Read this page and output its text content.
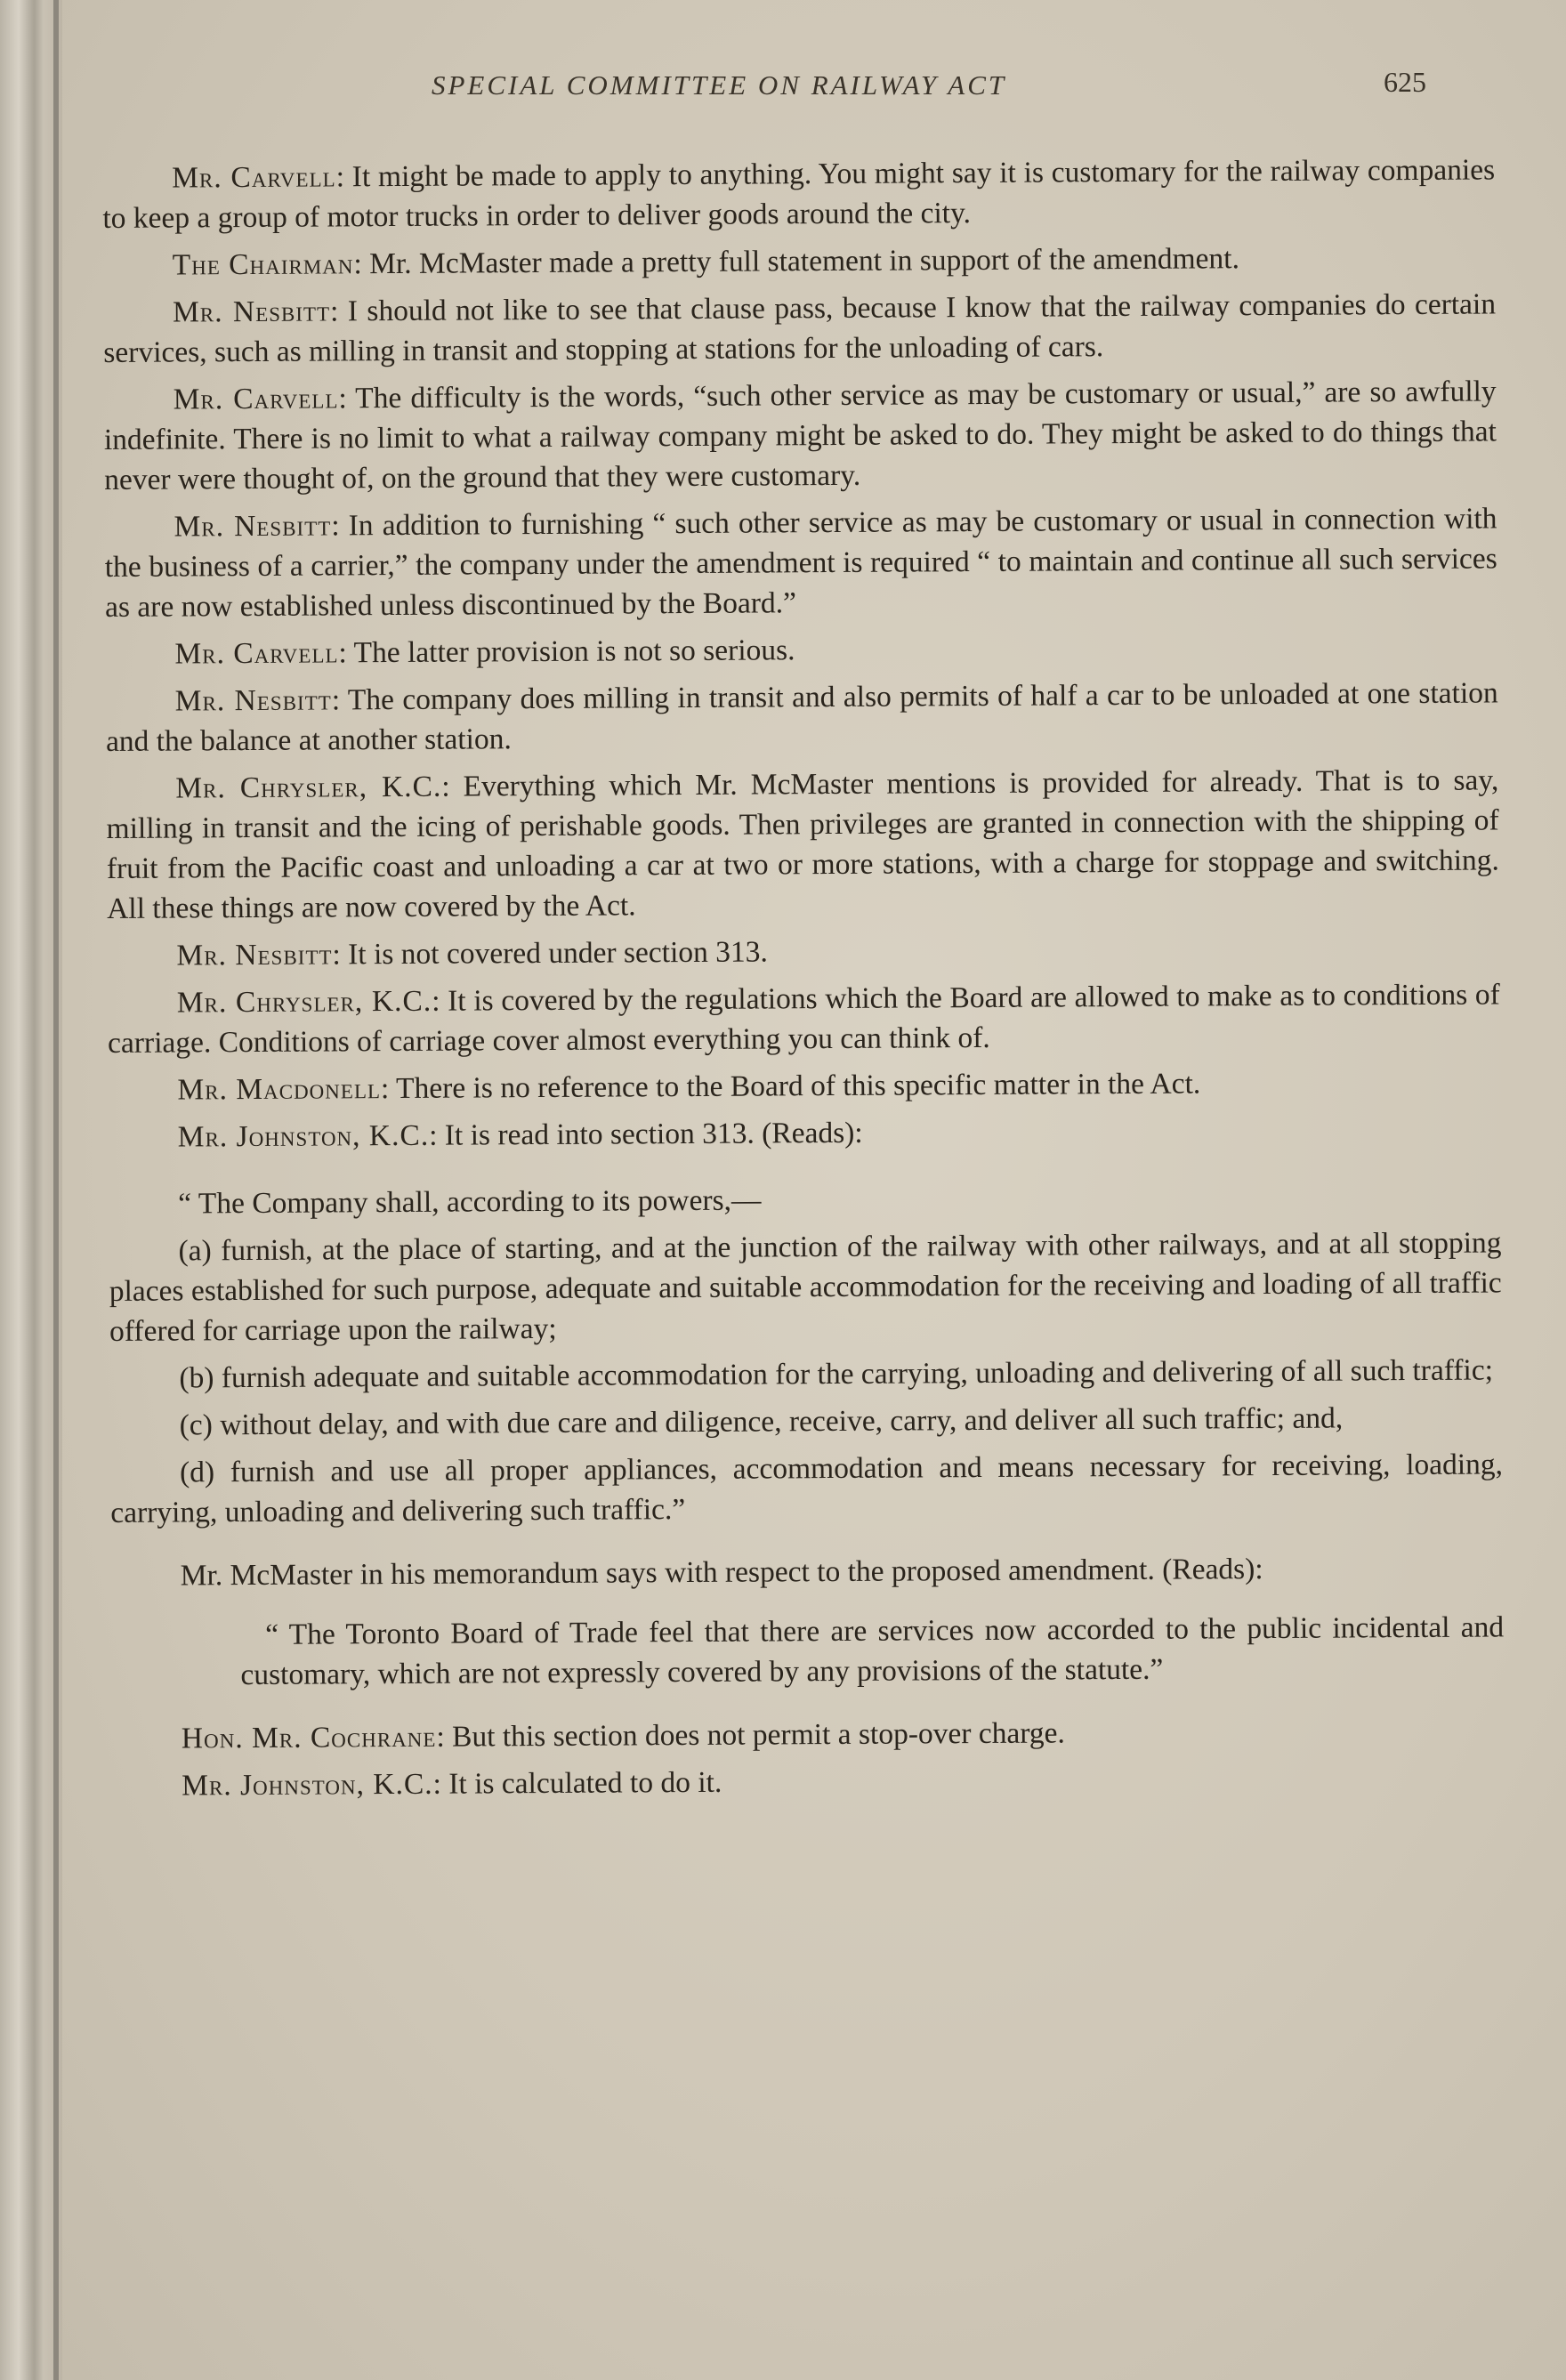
SPECIAL COMMITTEE ON RAILWAY ACT	625

Mr. Carvell: It might be made to apply to anything. You might say it is customary for the railway companies to keep a group of motor trucks in order to deliver goods around the city.

The Chairman: Mr. McMaster made a pretty full statement in support of the amendment.

Mr. Nesbitt: I should not like to see that clause pass, because I know that the railway companies do certain services, such as milling in transit and stopping at stations for the unloading of cars.

Mr. Carvell: The difficulty is the words, “such other service as may be customary or usual,” are so awfully indefinite. There is no limit to what a railway company might be asked to do. They might be asked to do things that never were thought of, on the ground that they were customary.

Mr. Nesbitt: In addition to furnishing “ such other service as may be customary or usual in connection with the business of a carrier,” the company under the amendment is required “ to maintain and continue all such services as are now established unless discontinued by the Board.”

Mr. Carvell: The latter provision is not so serious.

Mr. Nesbitt: The company does milling in transit and also permits of half a car to be unloaded at one station and the balance at another station.

Mr. Chrysler, K.C.: Everything which Mr. McMaster mentions is provided for already. That is to say, milling in transit and the icing of perishable goods. Then privileges are granted in connection with the shipping of fruit from the Pacific coast and unloading a car at two or more stations, with a charge for stoppage and switching. All these things are now covered by the Act.

Mr. Nesbitt: It is not covered under section 313.

Mr. Chrysler, K.C.: It is covered by the regulations which the Board are allowed to make as to conditions of carriage. Conditions of carriage cover almost everything you can think of.

Mr. Macdonell: There is no reference to the Board of this specific matter in the Act.

Mr. Johnston, K.C.: It is read into section 313. (Reads):

“ The Company shall, according to its powers,—

(a) furnish, at the place of starting, and at the junction of the railway with other railways, and at all stopping places established for such purpose, adequate and suitable accommodation for the receiving and loading of all traffic offered for carriage upon the railway;

(b) furnish adequate and suitable accommodation for the carrying, unloading and delivering of all such traffic;

(c) without delay, and with due care and diligence, receive, carry, and deliver all such traffic; and,

(d) furnish and use all proper appliances, accommodation and means necessary for receiving, loading, carrying, unloading and delivering such traffic.”

Mr. McMaster in his memorandum says with respect to the proposed amendment. (Reads):

“ The Toronto Board of Trade feel that there are services now accorded to the public incidental and customary, which are not expressly covered by any provisions of the statute.”

Hon. Mr. Cochrane: But this section does not permit a stop-over charge.

Mr. Johnston, K.C.: It is calculated to do it.
